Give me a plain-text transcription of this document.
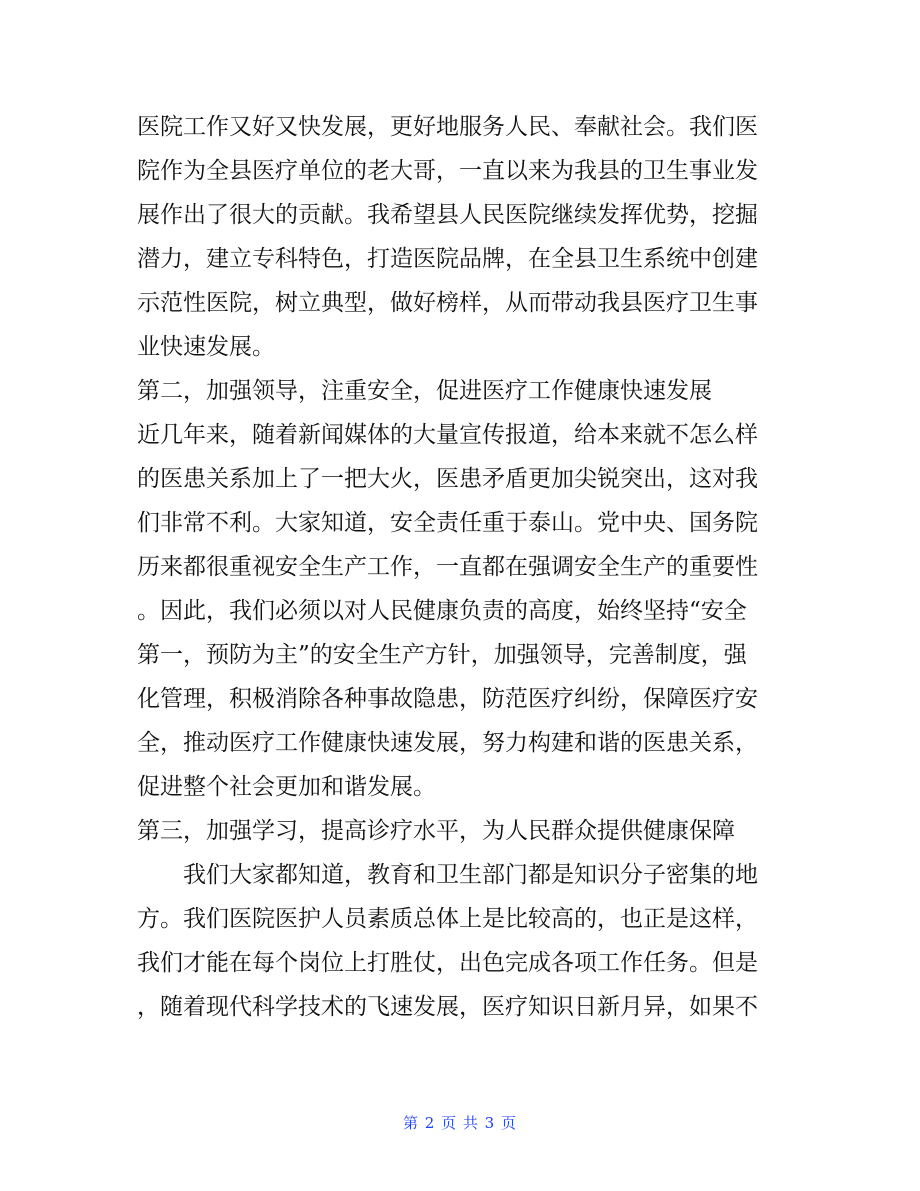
医院工作又好又快发展，更好地服务人民、奉献社会。我们医
院作为全县医疗单位的老大哥，一直以来为我县的卫生事业发
展作出了很大的贡献。我希望县人民医院继续发挥优势，挖掘
潜力，建立专科特色，打造医院品牌，在全县卫生系统中创建
示范性医院，树立典型，做好榜样，从而带动我县医疗卫生事
业快速发展。
第二，加强领导，注重安全，促进医疗工作健康快速发展
近几年来，随着新闻媒体的大量宣传报道，给本来就不怎么样
的医患关系加上了一把大火，医患矛盾更加尖锐突出，这对我
们非常不利。大家知道，安全责任重于泰山。党中央、国务院
历来都很重视安全生产工作，一直都在强调安全生产的重要性
。因此，我们必须以对人民健康负责的高度，始终坚持“安全
第一，预防为主”的安全生产方针，加强领导，完善制度，强
化管理，积极消除各种事故隐患，防范医疗纠纷，保障医疗安
全，推动医疗工作健康快速发展，努力构建和谐的医患关系，
促进整个社会更加和谐发展。
第三，加强学习，提高诊疗水平，为人民群众提供健康保障
我们大家都知道，教育和卫生部门都是知识分子密集的地
方。我们医院医护人员素质总体上是比较高的，也正是这样，
我们才能在每个岗位上打胜仗，出色完成各项工作任务。但是
，随着现代科学技术的飞速发展，医疗知识日新月异，如果不
第 2 页 共 3 页
